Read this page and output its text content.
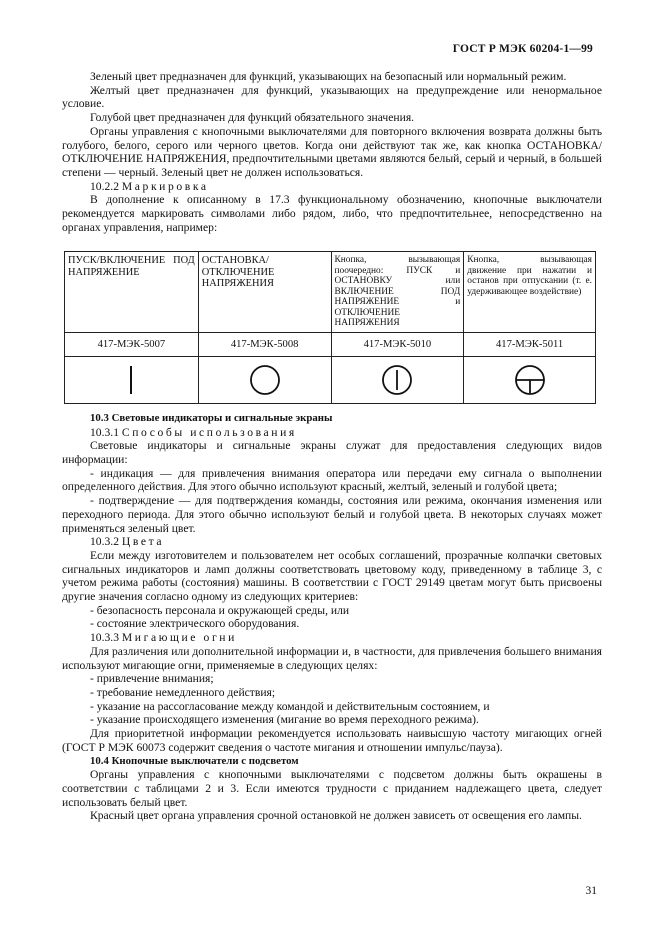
ГОСТ Р МЭК 60204-1—99

Зеленый цвет предназначен для функций, указывающих на безопасный или нормальный режим.

Желтый цвет предназначен для функций, указывающих на предупреждение или ненормальное условие.

Голубой цвет предназначен для функций обязательного значения.

Органы управления с кнопочными выключателями для повторного включения возврата должны быть голубого, белого, серого или черного цветов. Когда они действуют так же, как кнопка ОСТАНОВКА/ОТКЛЮЧЕНИЕ НАПРЯЖЕНИЯ, предпочтительными цветами являются белый, серый и черный, в большей степени — черный. Зеленый цвет не должен использоваться.

10.2.2 Маркировка

В дополнение к описанному в 17.3 функциональному обозначению, кнопочные выключатели рекомендуется маркировать символами либо рядом, либо, что предпочтительнее, непосредственно на органах управления, например:

ПУСК/ВКЛЮЧЕНИЕ ПОД НАПРЯЖЕНИЕ	ОСТАНОВКА/ОТКЛЮЧЕНИЕ НАПРЯЖЕНИЯ	Кнопка, вызывающая поочередно: ПУСК и ОСТАНОВКУ или ВКЛЮЧЕНИЕ ПОД НАПРЯЖЕНИЕ и ОТКЛЮЧЕНИЕ НАПРЯЖЕНИЯ	Кнопка, вызывающая движение при нажатии и останов при отпускании (т. е. удерживающее воздействие)
417-МЭК-5007	417-МЭК-5008	417-МЭК-5010	417-МЭК-5011

10.3 Световые индикаторы и сигнальные экраны

10.3.1 Способы использования

Световые индикаторы и сигнальные экраны служат для предоставления следующих видов информации:

- индикация — для привлечения внимания оператора или передачи ему сигнала о выполнении определенного действия. Для этого обычно используют красный, желтый, зеленый и голубой цвета;

- подтверждение — для подтверждения команды, состояния или режима, окончания изменения или переходного периода. Для этого обычно используют белый и голубой цвета. В некоторых случаях может применяться зеленый цвет.

10.3.2 Цвета

Если между изготовителем и пользователем нет особых соглашений, прозрачные колпачки световых сигнальных индикаторов и ламп должны соответствовать цветовому коду, приведенному в таблице 3, с учетом режима работы (состояния) машины. В соответствии с ГОСТ 29149 цветам могут быть присвоены другие значения согласно одному из следующих критериев:

- безопасность персонала и окружающей среды, или

- состояние электрического оборудования.

10.3.3 Мигающие огни

Для различения или дополнительной информации и, в частности, для привлечения большего внимания используют мигающие огни, применяемые в следующих целях:

- привлечение внимания;

- требование немедленного действия;

- указание на рассогласование между командой и действительным состоянием, и

- указание происходящего изменения (мигание во время переходного режима).

Для приоритетной информации рекомендуется использовать наивысшую частоту мигающих огней (ГОСТ Р МЭК 60073 содержит сведения о частоте мигания и отношении импульс/пауза).

10.4 Кнопочные выключатели с подсветом

Органы управления с кнопочными выключателями с подсветом должны быть окрашены в соответствии с таблицами 2 и 3. Если имеются трудности с приданием надлежащего цвета, следует использовать белый цвет.

Красный цвет органа управления срочной остановкой не должен зависеть от освещения его лампы.

31
